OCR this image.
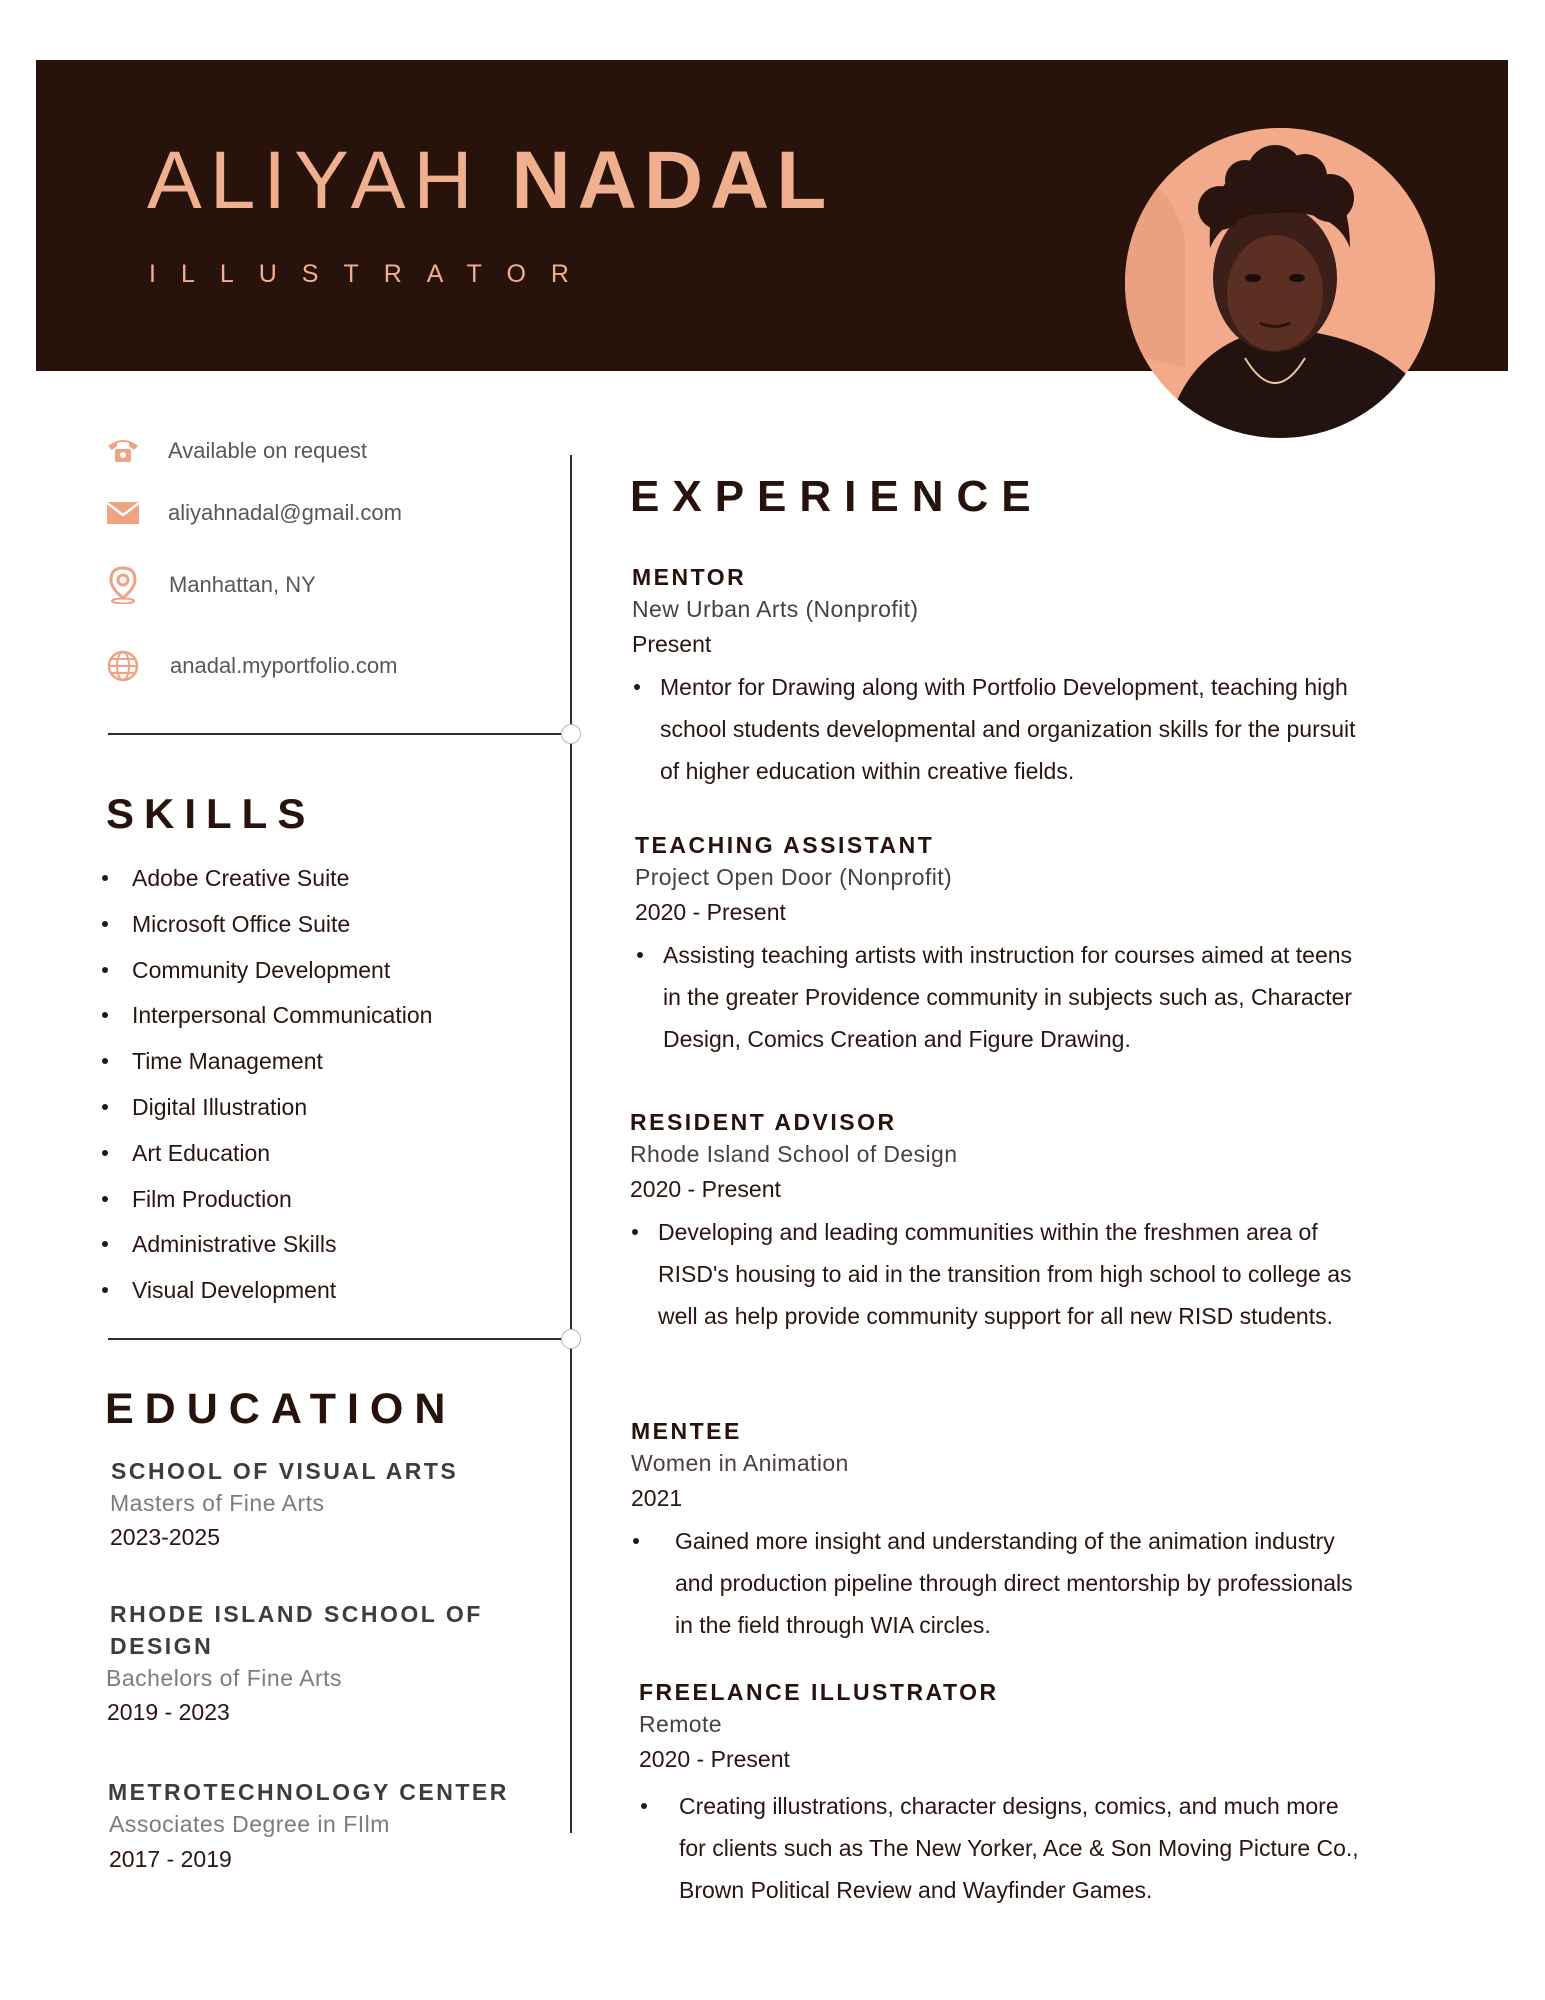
ALIYAH NADAL
ILLUSTRATOR
Available on request
aliyahnadal@gmail.com
Manhattan, NY
anadal.myportfolio.com
SKILLS
Adobe Creative Suite
Microsoft Office Suite
Community Development
Interpersonal Communication
Time Management
Digital Illustration
Art Education
Film Production
Administrative Skills
Visual Development
EDUCATION
SCHOOL OF VISUAL ARTS
Masters of Fine Arts
2023-2025
RHODE ISLAND SCHOOL OF DESIGN
Bachelors of Fine Arts
2019 - 2023
METROTECHNOLOGY CENTER
Associates Degree in FIlm
2017 - 2019
EXPERIENCE
MENTOR
New Urban Arts (Nonprofit)
Present
Mentor for Drawing along with Portfolio Development, teaching high school students developmental and organization skills for the pursuit of higher education within creative fields.
TEACHING ASSISTANT
Project Open Door (Nonprofit)
2020 - Present
Assisting teaching artists with instruction for courses aimed at teens in the greater Providence community in subjects such as, Character Design, Comics Creation and Figure Drawing.
RESIDENT ADVISOR
Rhode Island School of Design
2020 - Present
Developing and leading communities within the freshmen area of RISD's housing to aid in the transition from high school to college as well as help provide community support for all new RISD students.
MENTEE
Women in Animation
2021
Gained more insight and understanding of the animation industry and production pipeline through direct mentorship by professionals in the field through WIA circles.
FREELANCE ILLUSTRATOR
Remote
2020 - Present
Creating illustrations, character designs, comics, and much more for clients such as The New Yorker, Ace & Son Moving Picture Co., Brown Political Review and Wayfinder Games.
